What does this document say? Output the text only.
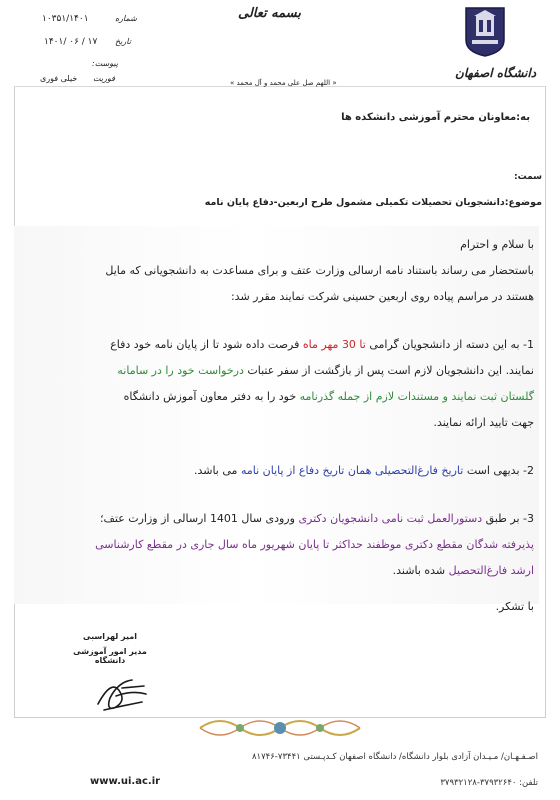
بسمه تعالی
دانشگاه اصفهان
شماره
۱۰۳۵۱/۱۴۰۱
تاریخ
۱۴۰۱/ ۰۶ / ۱۷
پیوست:
فوریت
خیلی فوری	« اللهم صل علی محمد و آل محمد »
به:معاونان محترم آموزشی دانشکده ها
سمت:
موضوع:دانشجویان تحصیلات تکمیلی مشمول طرح اربعین-دفاع پایان نامه
با سلام و احترام
باستحضار می رساند باستناد نامه ارسالی وزارت عتف و برای مساعدت به دانشجویانی که مایل
هستند در مراسم پیاده روی اربعین حسینی شرکت نمایند مقرر شد:
1- به این دسته از دانشجویان گرامی تا 30 مهر ماه فرصت داده شود تا از پایان نامه خود دفاع
نمایند. این دانشجویان لازم است پس از بازگشت از سفر عتبات درخواست خود را در سامانه
گلستان ثبت نمایند و مستندات لازم از جمله گذرنامه خود را به دفتر معاون آموزش دانشگاه
جهت تایید ارائه نمایند.
2- بدیهی است تاریخ فارغ‌التحصیلی همان تاریخ دفاع از پایان نامه می باشد.
3- بر طبق دستورالعمل ثبت نامی دانشجویان دکتری ورودی سال 1401 ارسالی از وزارت عتف؛
پذیرفته شدگان مقطع دکتری موظفند حداکثر تا پایان شهریور ماه سال جاری در مقطع کارشناسی
ارشد فارغ‌التحصیل شده باشند.
با تشکر.
امیر لهراسبی
مدیر امور آموزشی دانشگاه
اصـفـهـان/ مـیـدان آزادی بلوار دانشگاه/ دانشگاه اصفهان کـدپـستی ۷۳۴۴۱-۸۱۷۴۶
تلفن: ۳۷۹۳۲۶۴۰-۳۷۹۳۲۱۲۸
www.ui.ac.ir
